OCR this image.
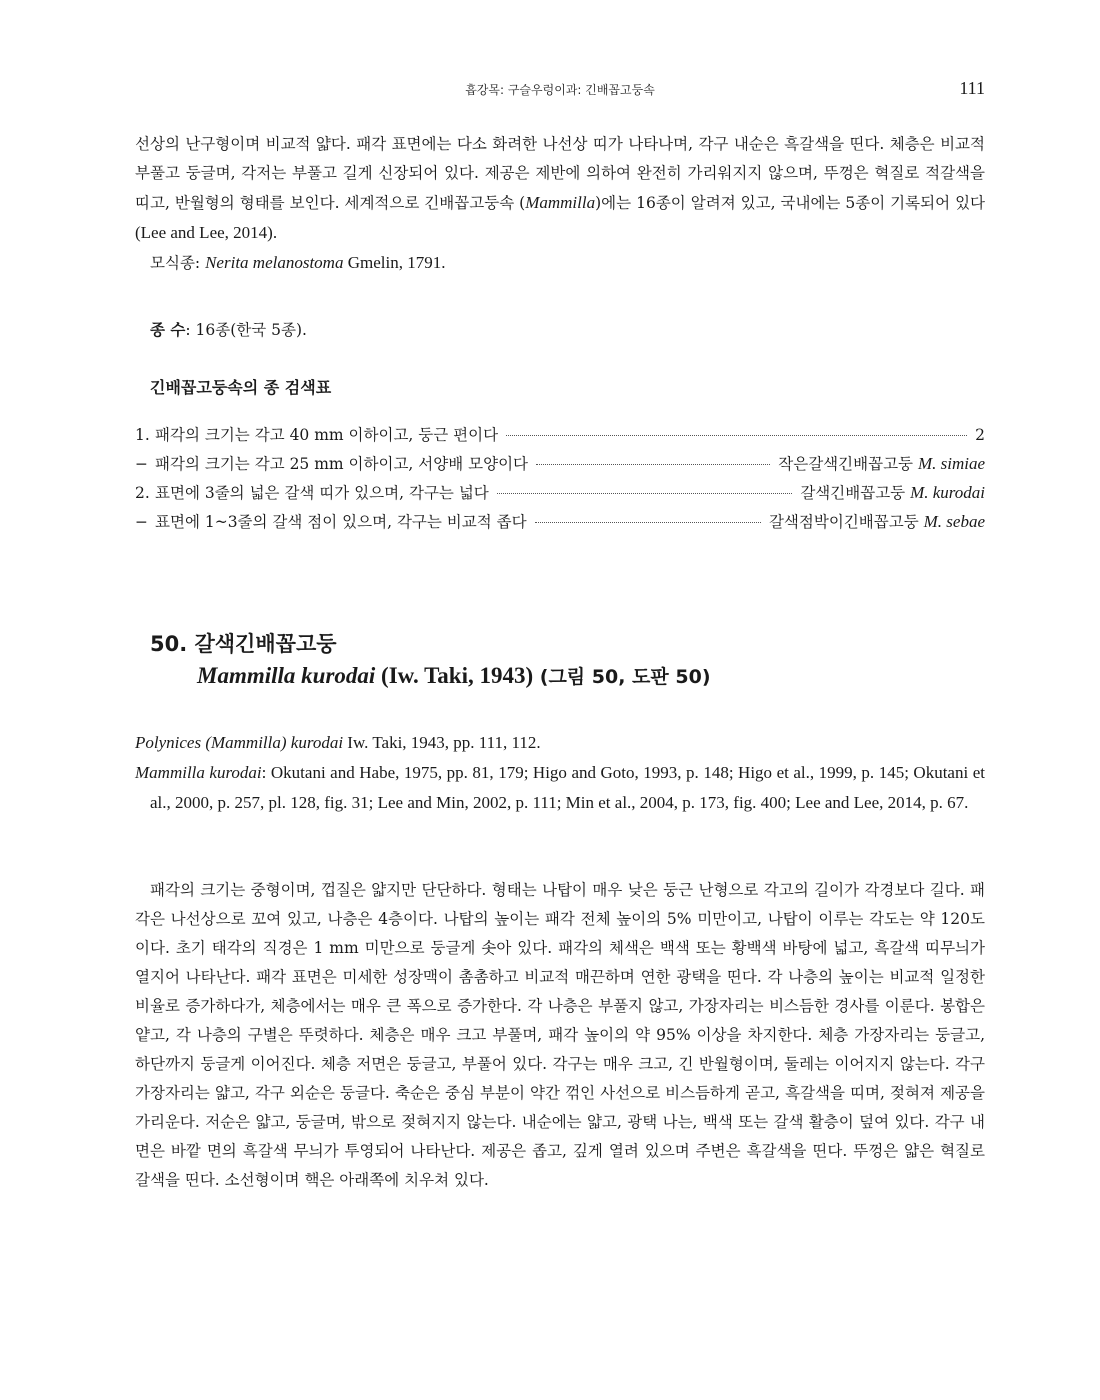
흡강목: 구슬우렁이과: 긴배꼽고둥속	111
선상의 난구형이며 비교적 얇다. 패각 표면에는 다소 화려한 나선상 띠가 나타나며, 각구 내순은 흑갈색을 띤다. 체층은 비교적 부풀고 둥글며, 각저는 부풀고 길게 신장되어 있다. 제공은 제반에 의하여 완전히 가리워지지 않으며, 뚜껑은 혁질로 적갈색을 띠고, 반월형의 형태를 보인다. 세계적으로 긴배꼽고둥속 (Mammilla)에는 16종이 알려져 있고, 국내에는 5종이 기록되어 있다(Lee and Lee, 2014).
모식종: Nerita melanostoma Gmelin, 1791.

종 수: 16종(한국 5종).

긴배꼽고둥속의 종 검색표
1. 패각의 크기는 각고 40 mm 이하이고, 둥근 편이다	2
− 패각의 크기는 각고 25 mm 이하이고, 서양배 모양이다	작은갈색긴배꼽고둥 M. simiae
2. 표면에 3줄의 넓은 갈색 띠가 있으며, 각구는 넓다	갈색긴배꼽고둥 M. kurodai
− 표면에 1~3줄의 갈색 점이 있으며, 각구는 비교적 좁다	갈색점박이긴배꼽고둥 M. sebae
50. 갈색긴배꼽고둥
Mammilla kurodai (Iw. Taki, 1943) (그림 50, 도판 50)

Polynices (Mammilla) kurodai Iw. Taki, 1943, pp. 111, 112.

Mammilla kurodai: Okutani and Habe, 1975, pp. 81, 179; Higo and Goto, 1993, p. 148; Higo et al., 1999, p. 145; Okutani et al., 2000, p. 257, pl. 128, fig. 31; Lee and Min, 2002, p. 111; Min et al., 2004, p. 173, fig. 400; Lee and Lee, 2014, p. 67.

패각의 크기는 중형이며, 껍질은 얇지만 단단하다. 형태는 나탑이 매우 낮은 둥근 난형으로 각고의 길이가 각경보다 길다. 패각은 나선상으로 꼬여 있고, 나층은 4층이다. 나탑의 높이는 패각 전체 높이의 5% 미만이고, 나탑이 이루는 각도는 약 120도이다. 초기 태각의 직경은 1 mm 미만으로 둥글게 솟아 있다. 패각의 체색은 백색 또는 황백색 바탕에 넓고, 흑갈색 띠무늬가 열지어 나타난다. 패각 표면은 미세한 성장맥이 촘촘하고 비교적 매끈하며 연한 광택을 띤다. 각 나층의 높이는 비교적 일정한 비율로 증가하다가, 체층에서는 매우 큰 폭으로 증가한다. 각 나층은 부풀지 않고, 가장자리는 비스듬한 경사를 이룬다. 봉합은 얕고, 각 나층의 구별은 뚜렷하다. 체층은 매우 크고 부풀며, 패각 높이의 약 95% 이상을 차지한다. 체층 가장자리는 둥글고, 하단까지 둥글게 이어진다. 체층 저면은 둥글고, 부풀어 있다. 각구는 매우 크고, 긴 반월형이며, 둘레는 이어지지 않는다. 각구 가장자리는 얇고, 각구 외순은 둥글다. 축순은 중심 부분이 약간 꺾인 사선으로 비스듬하게 곧고, 흑갈색을 띠며, 젖혀져 제공을 가리운다. 저순은 얇고, 둥글며, 밖으로 젖혀지지 않는다. 내순에는 얇고, 광택 나는, 백색 또는 갈색 활층이 덮여 있다. 각구 내면은 바깥 면의 흑갈색 무늬가 투영되어 나타난다. 제공은 좁고, 깊게 열려 있으며 주변은 흑갈색을 띤다. 뚜껑은 얇은 혁질로 갈색을 띤다. 소선형이며 핵은 아래쪽에 치우쳐 있다.
